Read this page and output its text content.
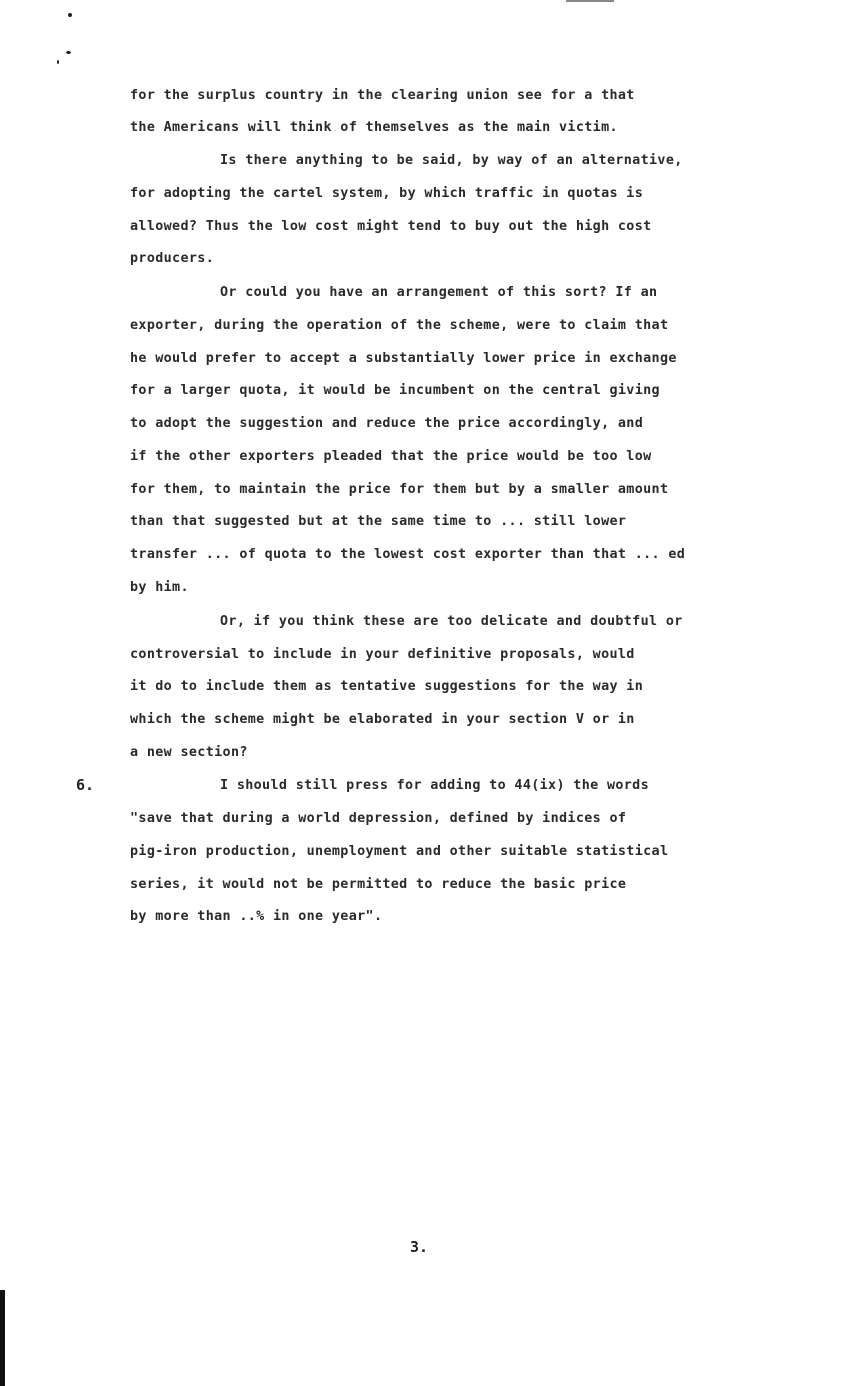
for the surplus country in the clearing union see for a that
the Americans will think of themselves as the main victim.
Is there anything to be said, by way of an alternative,
for adopting the cartel system, by which traffic in quotas is
allowed? Thus the low cost might tend to buy out the high cost
producers.
Or could you have an arrangement of this sort? If an
exporter, during the operation of the scheme, were to claim that
he would prefer to accept a substantially lower price in exchange
for a larger quota, it would be incumbent on the central giving
to adopt the suggestion and reduce the price accordingly, and
if the other exporters pleaded that the price would be too low
for them, to maintain the price for them but by a smaller amount
than that suggested but at the same time to ... still lower
transfer ... of quota to the lowest cost exporter than that ... ed
by him.
Or, if you think these are too delicate and doubtful or
controversial to include in your definitive proposals, would
it do to include them as tentative suggestions for the way in
which the scheme might be elaborated in your section V or in
a new section?
6.	I should still press for adding to 44(ix) the words
"save that during a world depression, defined by indices of
pig-iron production, unemployment and other suitable statistical
series, it would not be permitted to reduce the basic price
by more than ..% in one year".
3.
